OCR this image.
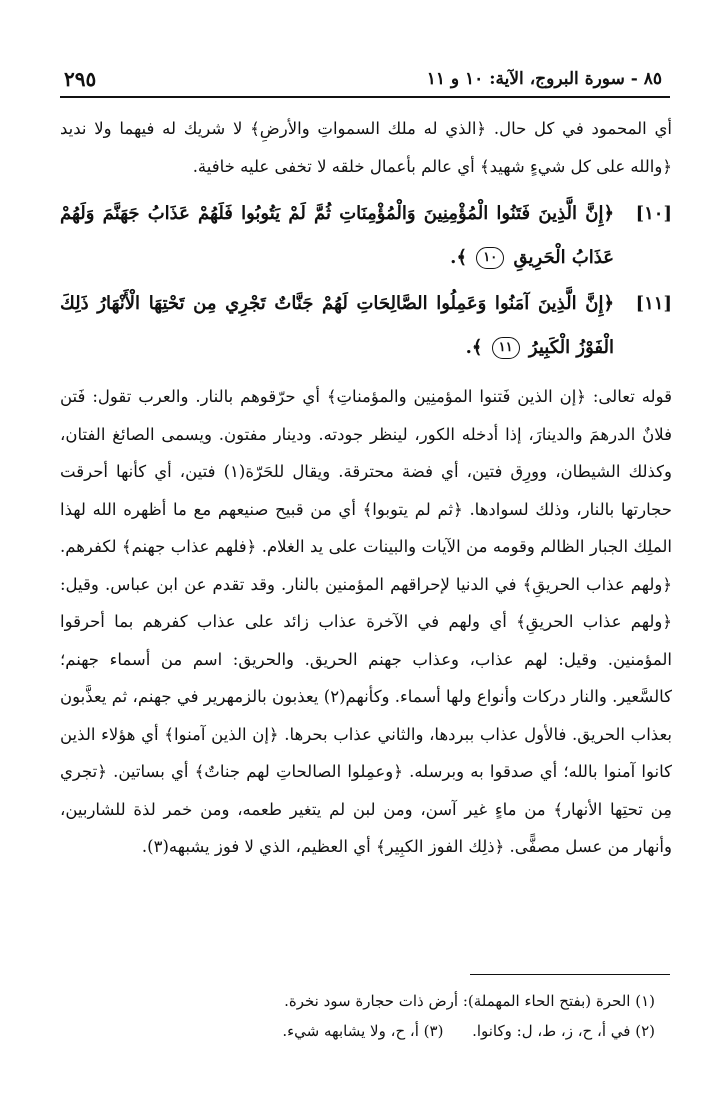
٨٥ - سورة البروج، الآية: ١٠ و ١١
٢٩٥

أي المحمود في كل حال. ﴿الذي له ملك السمواتِ والأرضِ﴾ لا شريك له فيهما ولا نديد ﴿والله على كل شيءٍ شهيد﴾ أي عالم بأعمال خلقه لا تخفى عليه خافية.

[١٠]
﴿إِنَّ الَّذِينَ فَتَنُوا الْمُؤْمِنِينَ وَالْمُؤْمِنَاتِ ثُمَّ لَمْ يَتُوبُوا فَلَهُمْ عَذَابُ جَهَنَّمَ وَلَهُمْ عَذَابُ الْحَرِيقِ ١٠ ﴾.
[١١]
﴿إِنَّ الَّذِينَ آمَنُوا وَعَمِلُوا الصَّالِحَاتِ لَهُمْ جَنَّاتٌ تَجْرِي مِن تَحْتِهَا الْأَنْهَارُ ذَلِكَ الْفَوْزُ الْكَبِيرُ ١١ ﴾.

قوله تعالى: ﴿إن الذين فَتنوا المؤمنِين والمؤمناتِ﴾ أي حرّقوهم بالنار. والعرب تقول: فَتن فلانٌ الدرهمَ والدينارَ، إذا أدخله الكور، لينظر جودته. ودينار مفتون. ويسمى الصائغ الفتان، وكذلك الشيطان، وورِق فتين، أي فضة محترقة. ويقال للحَرّة(١) فتين، أي كأنها أحرقت حجارتها بالنار، وذلك لسوادها. ﴿ثم لم يتوبوا﴾ أي من قبيح صنيعهم مع ما أظهره الله لهذا الملِك الجبار الظالم وقومه من الآيات والبينات على يد الغلام. ﴿فلهم عذاب جهنم﴾ لكفرهم. ﴿ولهم عذاب الحريقِ﴾ في الدنيا لإحراقهم المؤمنين بالنار. وقد تقدم عن ابن عباس. وقيل: ﴿ولهم عذاب الحريقِ﴾ أي ولهم في الآخرة عذاب زائد على عذاب كفرهم بما أحرقوا المؤمنين. وقيل: لهم عذاب، وعذاب جهنم الحريق. والحريق: اسم من أسماء جهنم؛ كالسَّعير. والنار دركات وأنواع ولها أسماء. وكأنهم(٢) يعذبون بالزمهرير في جهنم، ثم يعذَّبون بعذاب الحريق. فالأول عذاب ببردها، والثاني عذاب بحرها. ﴿إن الذين آمنوا﴾ أي هؤلاء الذين كانوا آمنوا بالله؛ أي صدقوا به وبرسله. ﴿وعمِلوا الصالحاتِ لهم جناتٌ﴾ أي بساتين. ﴿تجري مِن تحتِها الأنهار﴾ من ماءٍ غير آسن، ومن لبن لم يتغير طعمه، ومن خمر لذة للشاربين، وأنهار من عسل مصفًّى. ﴿ذلِك الفوز الكبِير﴾ أي العظيم، الذي لا فوز يشبهه(٣).

(١) الحرة (بفتح الحاء المهملة): أرض ذات حجارة سود نخرة.

(٢) في أ، ح، ز، ط، ل: وكانوا.      (٣) أ، ح، ولا يشابهه شيء.
